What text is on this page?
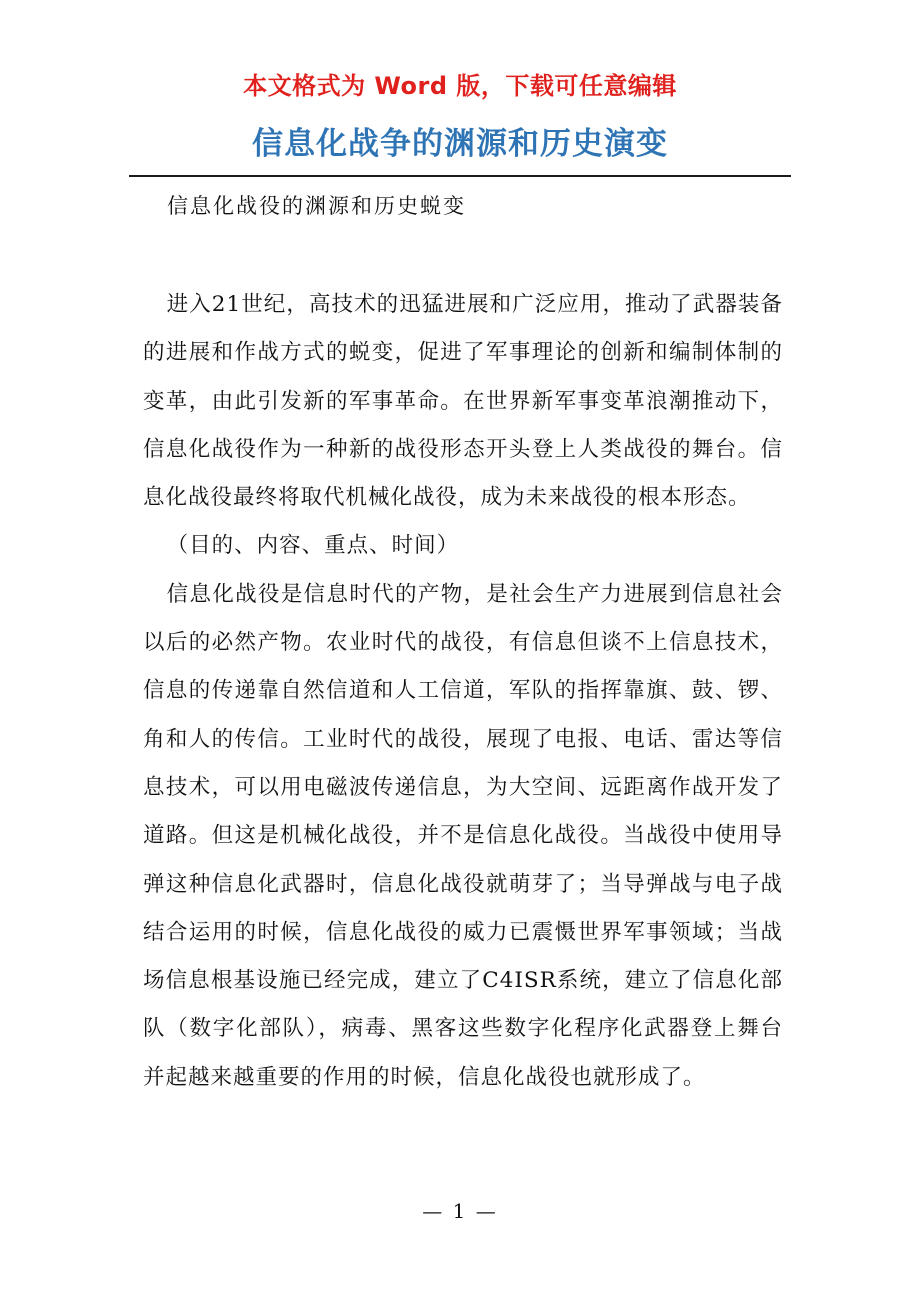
本文格式为 Word 版，下载可任意编辑
信息化战争的渊源和历史演变
信息化战役的渊源和历史蜕变

进入21世纪，高技术的迅猛进展和广泛应用，推动了武器装备的进展和作战方式的蜕变，促进了军事理论的创新和编制体制的变革，由此引发新的军事革命。在世界新军事变革浪潮推动下，信息化战役作为一种新的战役形态开头登上人类战役的舞台。信息化战役最终将取代机械化战役，成为未来战役的根本形态。

（目的、内容、重点、时间）

信息化战役是信息时代的产物，是社会生产力进展到信息社会以后的必然产物。农业时代的战役，有信息但谈不上信息技术，信息的传递靠自然信道和人工信道，军队的指挥靠旗、鼓、锣、角和人的传信。工业时代的战役，展现了电报、电话、雷达等信息技术，可以用电磁波传递信息，为大空间、远距离作战开发了道路。但这是机械化战役，并不是信息化战役。当战役中使用导弹这种信息化武器时，信息化战役就萌芽了；当导弹战与电子战结合运用的时候，信息化战役的威力已震慑世界军事领域；当战场信息根基设施已经完成，建立了C4ISR系统，建立了信息化部队（数字化部队），病毒、黑客这些数字化程序化武器登上舞台并起越来越重要的作用的时候，信息化战役也就形成了。

— 1 —
